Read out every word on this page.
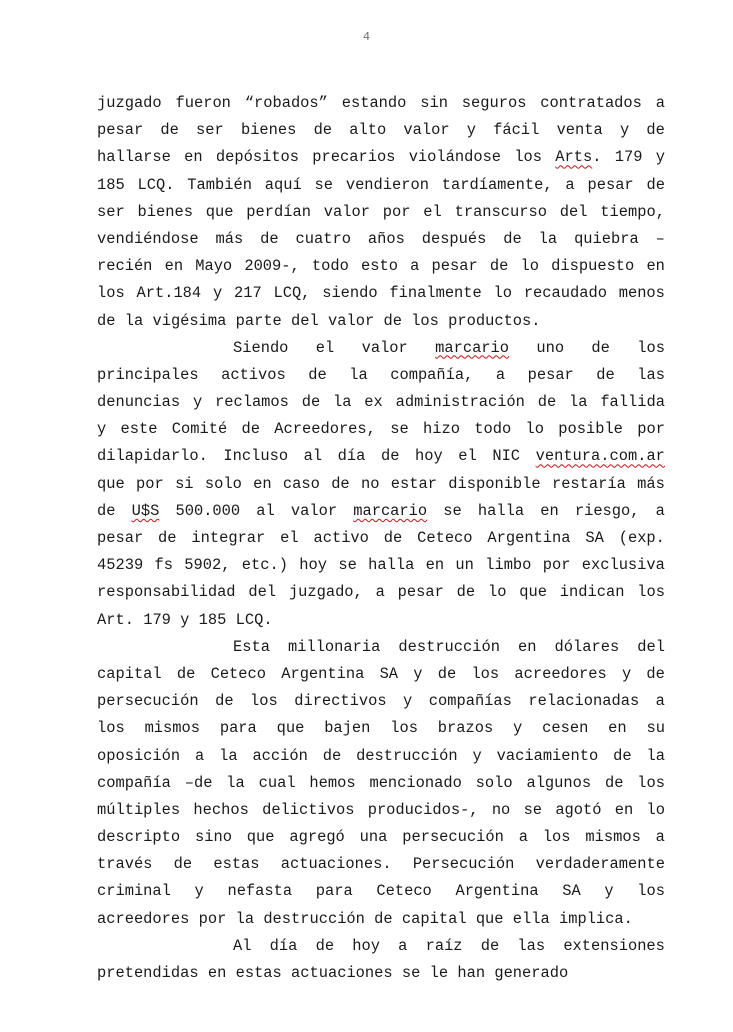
4
juzgado fueron “robados” estando sin seguros contratados a
pesar de ser bienes de alto valor y fácil venta y de
hallarse en depósitos precarios violándose los Arts. 179 y
185 LCQ. También aquí se vendieron tardíamente, a pesar de
ser bienes que perdían valor por el transcurso del tiempo,
vendiéndose más de cuatro años después de la quiebra –
recién en Mayo 2009-, todo esto a pesar de lo dispuesto en
los Art.184 y 217 LCQ, siendo finalmente lo recaudado menos
de la vigésima parte del valor de los productos.
Siendo el valor marcario uno de los
principales activos de la compañía, a pesar de las
denuncias y reclamos de la ex administración de la fallida
y este Comité de Acreedores, se hizo todo lo posible por
dilapidarlo. Incluso al día de hoy el NIC ventura.com.ar
que por si solo en caso de no estar disponible restaría más
de U$S 500.000 al valor marcario se halla en riesgo, a
pesar de integrar el activo de Ceteco Argentina SA (exp.
45239 fs 5902, etc.) hoy se halla en un limbo por exclusiva
responsabilidad del juzgado, a pesar de lo que indican los
Art. 179 y 185 LCQ.
Esta millonaria destrucción en dólares del
capital de Ceteco Argentina SA y de los acreedores y de
persecución de los directivos y compañías relacionadas a
los mismos para que bajen los brazos y cesen en su
oposición a la acción de destrucción y vaciamiento de la
compañía –de la cual hemos mencionado solo algunos de los
múltiples hechos delictivos producidos-, no se agotó en lo
descripto sino que agregó una persecución a los mismos a
través de estas actuaciones. Persecución verdaderamente
criminal y nefasta para Ceteco Argentina SA y los
acreedores por la destrucción de capital que ella implica.
Al día de hoy a raíz de las extensiones
pretendidas en estas actuaciones se le han generado
